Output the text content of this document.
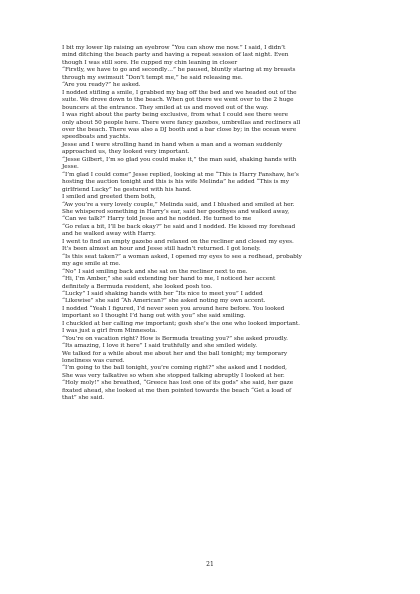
I bit my lower lip raising an eyebrow “You can show me now.” I said, I didn’t

mind ditching the beach party and having a repeat session of last night. Even

though I was still sore. He cupped my chin leaning in closer

“Firstly, we have to go and secondly…” he paused, bluntly staring at my breasts

through my swimsuit “Don’t tempt me,” he said releasing me.

“Are you ready?” he asked.

I nodded stifling a smile, I grabbed my bag off the bed and we headed out of the

suite. We drove down to the beach. When got there we went over to the 2 huge

bouncers at the entrance. They smiled at us and moved out of the way.

I was right about the party being exclusive, from what I could see there were

only about 50 people here. There were fancy gazebos, umbrellas and recliners all

over the beach. There was also a DJ booth and a bar close by; in the ocean were

speedboats and yachts.

Jesse and I were strolling hand in hand when a man and a woman suddenly

approached us, they looked very important.

“Jesse Gilbert, I’m so glad you could make it,” the man said, shaking hands with

Jesse.

“I’m glad I could come” Jesse replied, looking at me “This is Harry Fanshaw, he’s

hosting the auction tonight and this is his wife Melinda” he added “This is my

girlfriend Lucky” he gestured with his hand.

I smiled and greeted them both,

“Aw you’re a very lovely couple,” Melinda said, and I blushed and smiled at her.

She whispered something in Harry’s ear, said her goodbyes and walked away,

“Can we talk?” Harry told Jesse and he nodded. He turned to me

“Go relax a bit, I’ll be back okay?” he said and I nodded. He kissed my forehead

and he walked away with Harry.

I went to find an empty gazebo and relaxed on the recliner and closed my eyes.

It’s been almost an hour and Jesse still hadn’t returned. I got lonely.

“Is this seat taken?” a woman asked, I opened my eyes to see a redhead, probably

my age smile at me.

“No” I said smiling back and she sat on the recliner next to me.

“Hi, I’m Amber,” she said extending her hand to me, I noticed her accent

definitely a Bermuda resident, she looked posh too.

“Lucky” I said shaking hands with her “Its nice to meet you” I added

“Likewise” she said “Ah American?” she asked noting my own accent.

I nodded “Yeah I figured, I’d never seen you around here before. You looked

important so I thought I’d hang out with you” she said smiling.

I chuckled at her calling me important; gosh she’s the one who looked important.

I was just a girl from Minnesota.

“You’re on vacation right? How is Bermuda treating you?” she asked proudly.

“Its amazing, I love it here” I said truthfully and she smiled widely.

We talked for a while about me about her and the ball tonight; my temporary

loneliness was cured.

“I’m going to the ball tonight, you’re coming right?” she asked and I nodded,

She was very talkative so when she stopped talking abruptly I looked at her.

“Holy moly!” she breathed, “Greece has lost one of its gods” she said, her gaze

fixated ahead, she looked at me then pointed towards the beach “Get a load of

that” she said.

21
